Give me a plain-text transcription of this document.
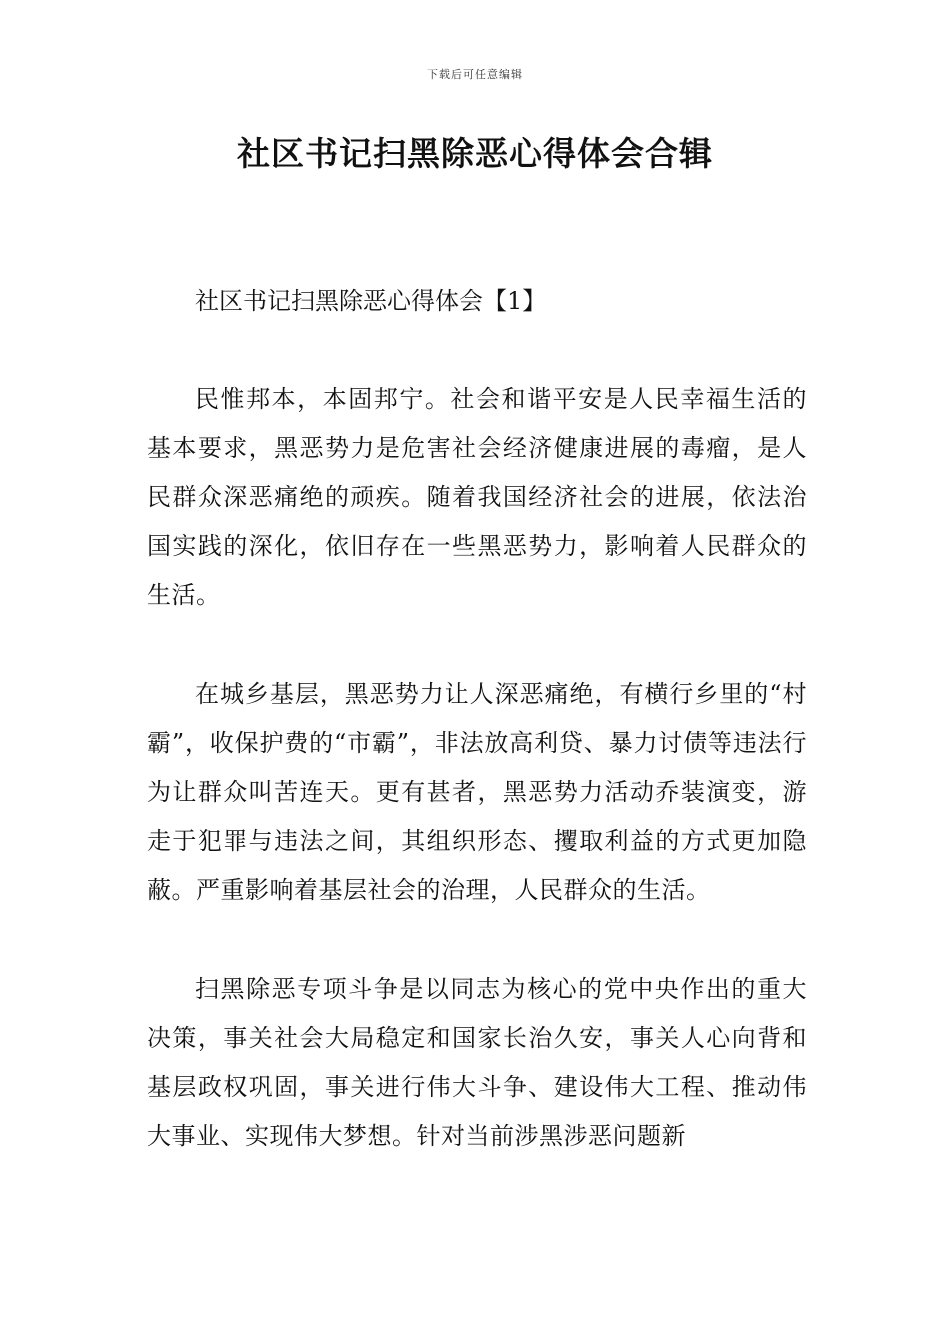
下载后可任意编辑
社区书记扫黑除恶心得体会合辑

社区书记扫黑除恶心得体会【1】

民惟邦本，本固邦宁。社会和谐平安是人民幸福生活的基本要求，黑恶势力是危害社会经济健康进展的毒瘤，是人民群众深恶痛绝的顽疾。随着我国经济社会的进展，依法治国实践的深化，依旧存在一些黑恶势力，影响着人民群众的生活。

在城乡基层，黑恶势力让人深恶痛绝，有横行乡里的“村霸”，收保护费的“市霸”，非法放高利贷、暴力讨债等违法行为让群众叫苦连天。更有甚者，黑恶势力活动乔装演变，游走于犯罪与违法之间，其组织形态、攫取利益的方式更加隐蔽。严重影响着基层社会的治理，人民群众的生活。

扫黑除恶专项斗争是以同志为核心的党中央作出的重大决策，事关社会大局稳定和国家长治久安，事关人心向背和基层政权巩固，事关进行伟大斗争、建设伟大工程、推动伟大事业、实现伟大梦想。针对当前涉黑涉恶问题新
